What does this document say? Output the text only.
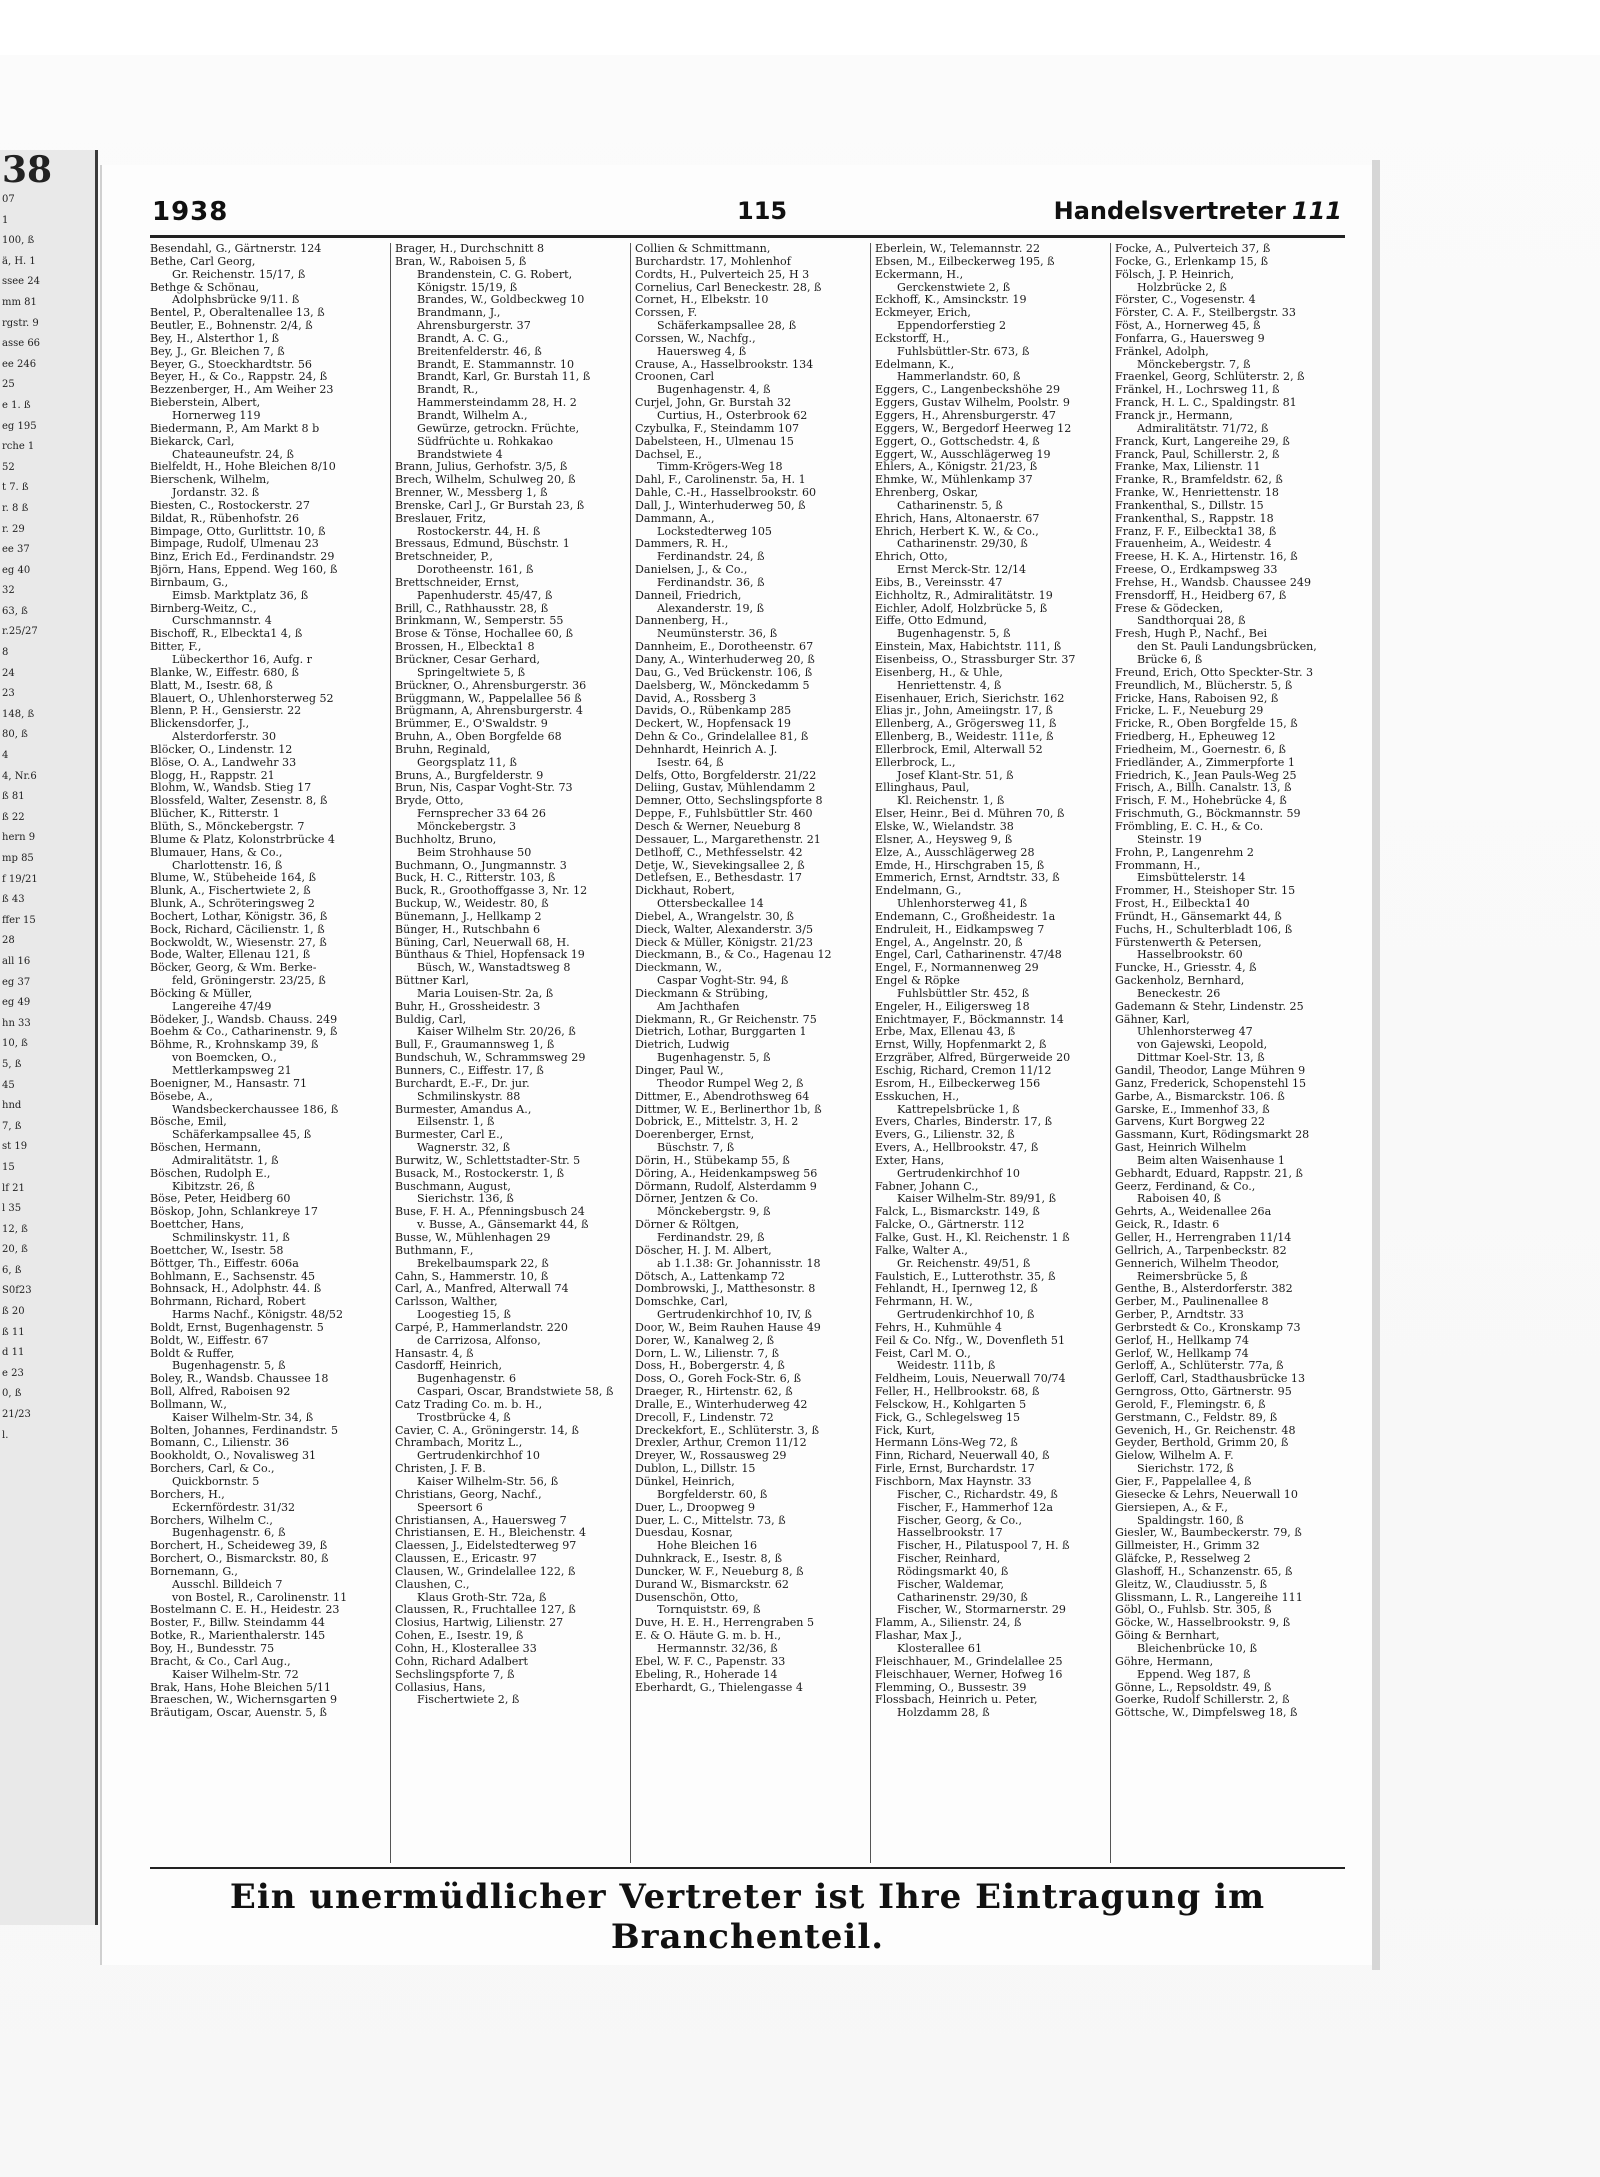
38
07
1
100, ß
ä, H. 1
ssee 24
mm 81
rgstr. 9
asse 66
ee 246
25
e 1. ß
eg 195
rche 1
52
t 7. ß
r. 8 ß
r. 29
ee 37
eg 40
32
63, ß
r.25/27
8
24
23
148, ß
80, ß
4
4, Nr.6
ß 81
ß 22
hern 9
mp 85
f 19/21
ß 43
ffer 15
28
all 16
eg 37
eg 49
hn 33
10, ß
5, ß
45
hnd
7, ß
st 19
15
lf 21
l 35
12, ß
20, ß
6, ß
S0f23
ß 20
ß 11
d 11
e 23
0, ß
21/23
l.
1938	115	Handelsvertreter 111
Besendahl, G., Gärtnerstr. 124
Bethe, Carl Georg,
Gr. Reichenstr. 15/17, ß
Bethge & Schönau,
Adolphsbrücke 9/11. ß
Bentel, P., Oberaltenallee 13, ß
Beutler, E., Bohnenstr. 2/4, ß
Bey, H., Alsterthor 1, ß
Bey, J., Gr. Bleichen 7, ß
Beyer, G., Stoeckhardtstr. 56
Beyer, H., & Co., Rappstr. 24, ß
Bezzenberger, H., Am Weiher 23
Bieberstein, Albert,
Hornerweg 119
Biedermann, P., Am Markt 8 b
Biekarck, Carl,
Chateauneufstr. 24, ß
Bielfeldt, H., Hohe Bleichen 8/10
Bierschenk, Wilhelm,
Jordanstr. 32. ß
Biesten, C., Rostockerstr. 27
Bildat, R., Rübenhofstr. 26
Bimpage, Otto, Gurlittstr. 10, ß
Bimpage, Rudolf, Ulmenau 23
Binz, Erich Ed., Ferdinandstr. 29
Björn, Hans, Eppend. Weg 160, ß
Birnbaum, G.,
Eimsb. Marktplatz 36, ß
Birnberg-Weitz, C.,
Curschmannstr. 4
Bischoff, R., Elbeckta1 4, ß
Bitter, F.,
Lübeckerthor 16, Aufg. r
Blanke, W., Eiffestr. 680, ß
Blatt, M., Isestr. 68, ß
Blauert, O., Uhlenhorsterweg 52
Blenn, P. H., Gensierstr. 22
Blickensdorfer, J.,
Alsterdorferstr. 30
Blöcker, O., Lindenstr. 12
Blöse, O. A., Landwehr 33
Blogg, H., Rappstr. 21
Blohm, W., Wandsb. Stieg 17
Blossfeld, Walter, Zesenstr. 8, ß
Blücher, K., Ritterstr. 1
Blüth, S., Mönckebergstr. 7
Blume & Platz, Kolonstrbrücke 4
Blumauer, Hans, & Co.,
Charlottenstr. 16, ß
Blume, W., Stübeheide 164, ß
Blunk, A., Fischertwiete 2, ß
Blunk, A., Schröteringsweg 2
Bochert, Lothar, Königstr. 36, ß
Bock, Richard, Cäcilienstr. 1, ß
Bockwoldt, W., Wiesenstr. 27, ß
Bode, Walter, Ellenau 121, ß
Böcker, Georg, & Wm. Berke-
feld, Gröningerstr. 23/25, ß
Böcking & Müller,
Langereihe 47/49
Bödeker, J., Wandsb. Chauss. 249
Boehm & Co., Catharinenstr. 9, ß
Böhme, R., Krohnskamp 39, ß
von Boemcken, O.,
Mettlerkampsweg 21
Boenigner, M., Hansastr. 71
Bösebe, A.,
Wandsbeckerchaussee 186, ß
Bösche, Emil,
Schäferkampsallee 45, ß
Böschen, Hermann,
Admiralitätstr. 1, ß
Böschen, Rudolph E.,
Kibitzstr. 26, ß
Böse, Peter, Heidberg 60
Böskop, John, Schlankreye 17
Boettcher, Hans,
Schmilinskystr. 11, ß
Boettcher, W., Isestr. 58
Böttger, Th., Eiffestr. 606a
Bohlmann, E., Sachsenstr. 45
Bohnsack, H., Adolphstr. 44. ß
Bohrmann, Richard, Robert
Harms Nachf., Königstr. 48/52
Boldt, Ernst, Bugenhagenstr. 5
Boldt, W., Eiffestr. 67
Boldt & Ruffer,
Bugenhagenstr. 5, ß
Boley, R., Wandsb. Chaussee 18
Boll, Alfred, Raboisen 92
Bollmann, W.,
Kaiser Wilhelm-Str. 34, ß
Bolten, Johannes, Ferdinandstr. 5
Bomann, C., Lilienstr. 36
Bookholdt, O., Novalisweg 31
Borchers, Carl, & Co.,
Quickbornstr. 5
Borchers, H.,
Eckernfördestr. 31/32
Borchers, Wilhelm C.,
Bugenhagenstr. 6, ß
Borchert, H., Scheideweg 39, ß
Borchert, O., Bismarckstr. 80, ß
Bornemann, G.,
Ausschl. Billdeich 7
von Bostel, R., Carolinenstr. 11
Bostelmann C. E. H., Heidestr. 23
Boster, F., Billw. Steindamm 44
Botke, R., Marienthalerstr. 145
Boy, H., Bundesstr. 75
Bracht, & Co., Carl Aug.,
Kaiser Wilhelm-Str. 72
Brak, Hans, Hohe Bleichen 5/11
Braeschen, W., Wichernsgarten 9
Bräutigam, Oscar, Auenstr. 5, ß
Brager, H., Durchschnitt 8
Bran, W., Raboisen 5, ß
Brandenstein, C. G. Robert,
Königstr. 15/19, ß
Brandes, W., Goldbeckweg 10
Brandmann, J.,
Ahrensburgerstr. 37
Brandt, A. C. G.,
Breitenfelderstr. 46, ß
Brandt, E. Stammannstr. 10
Brandt, Karl, Gr. Burstah 11, ß
Brandt, R.,
Hammersteindamm 28, H. 2
Brandt, Wilhelm A.,
Gewürze, getrockn. Früchte,
Südfrüchte u. Rohkakao
Brandstwiete 4
Brann, Julius, Gerhofstr. 3/5, ß
Brech, Wilhelm, Schulweg 20, ß
Brenner, W., Messberg 1, ß
Brenske, Carl J., Gr Burstah 23, ß
Breslauer, Fritz,
Rostockerstr. 44, H. ß
Bressaus, Edmund, Büschstr. 1
Bretschneider, P.,
Dorotheenstr. 161, ß
Brettschneider, Ernst,
Papenhuderstr. 45/47, ß
Brill, C., Rathhausstr. 28, ß
Brinkmann, W., Semperstr. 55
Brose & Tönse, Hochallee 60, ß
Brossen, H., Elbeckta1 8
Brückner, Cesar Gerhard,
Springeltwiete 5, ß
Brückner, O., Ahrensburgerstr. 36
Brüggmann, W., Pappelallee 56 ß
Brügmann, A, Ahrensburgerstr. 4
Brümmer, E., O'Swaldstr. 9
Bruhn, A., Oben Borgfelde 68
Bruhn, Reginald,
Georgsplatz 11, ß
Bruns, A., Burgfelderstr. 9
Brun, Nis, Caspar Voght-Str. 73
Bryde, Otto,
Fernsprecher 33 64 26
Mönckebergstr. 3
Buchholtz, Bruno,
Beim Strohhause 50
Buchmann, O., Jungmannstr. 3
Buck, H. C., Ritterstr. 103, ß
Buck, R., Groothoffgasse 3, Nr. 12
Buckup, W., Weidestr. 80, ß
Bünemann, J., Hellkamp 2
Bünger, H., Rutschbahn 6
Büning, Carl, Neuerwall 68, H.
Bünthaus & Thiel, Hopfensack 19
Büsch, W., Wanstadtsweg 8
Büttner Karl,
Maria Louisen-Str. 2a, ß
Buhr, H., Grossheidestr. 3
Buldig, Carl,
Kaiser Wilhelm Str. 20/26, ß
Bull, F., Graumannsweg 1, ß
Bundschuh, W., Schrammsweg 29
Bunners, C., Eiffestr. 17, ß
Burchardt, E.-F., Dr. jur.
Schmilinskystr. 88
Burmester, Amandus A.,
Eilsenstr. 1, ß
Burmester, Carl E.,
Wagnerstr. 32, ß
Burwitz, W., Schlettstadter-Str. 5
Busack, M., Rostockerstr. 1, ß
Buschmann, August,
Sierichstr. 136, ß
Buse, F. H. A., Pfenningsbusch 24
v. Busse, A., Gänsemarkt 44, ß
Busse, W., Mühlenhagen 29
Buthmann, F.,
Brekelbaumspark 22, ß
Cahn, S., Hammerstr. 10, ß
Carl, A., Manfred, Alterwall 74
Carlsson, Walther,
Loogestieg 15, ß
Carpé, P., Hammerlandstr. 220
de Carrizosa, Alfonso,
Hansastr. 4, ß
Casdorff, Heinrich,
Bugenhagenstr. 6
Caspari, Oscar, Brandstwiete 58, ß
Catz Trading Co. m. b. H.,
Trostbrücke 4, ß
Cavier, C. A., Gröningerstr. 14, ß
Chrambach, Moritz L.,
Gertrudenkirchhof 10
Christen, J. F. B.
Kaiser Wilhelm-Str. 56, ß
Christians, Georg, Nachf.,
Speersort 6
Christiansen, A., Hauersweg 7
Christiansen, E. H., Bleichenstr. 4
Claessen, J., Eidelstedterweg 97
Claussen, E., Ericastr. 97
Clausen, W., Grindelallee 122, ß
Claushen, C.,
Klaus Groth-Str. 72a, ß
Claussen, R., Fruchtallee 127, ß
Closius, Hartwig, Lilienstr. 27
Cohen, E., Isestr. 19, ß
Cohn, H., Klosterallee 33
Cohn, Richard Adalbert
Sechslingspforte 7, ß
Collasius, Hans,
Fischertwiete 2, ß
Collien & Schmittmann,
Burchardstr. 17, Mohlenhof
Cordts, H., Pulverteich 25, H 3
Cornelius, Carl Beneckestr. 28, ß
Cornet, H., Elbekstr. 10
Corssen, F.
Schäferkampsallee 28, ß
Corssen, W., Nachfg.,
Hauersweg 4, ß
Crause, A., Hasselbrookstr. 134
Croonen, Carl
Bugenhagenstr. 4, ß
Curjel, John, Gr. Burstah 32
Curtius, H., Osterbrook 62
Czybulka, F., Steindamm 107
Dabelsteen, H., Ulmenau 15
Dachsel, E.,
Timm-Krögers-Weg 18
Dahl, F., Carolinenstr. 5a, H. 1
Dahle, C.-H., Hasselbrookstr. 60
Dall, J., Winterhuderweg 50, ß
Dammann, A.,
Lockstedterweg 105
Dammers, R. H.,
Ferdinandstr. 24, ß
Danielsen, J., & Co.,
Ferdinandstr. 36, ß
Danneil, Friedrich,
Alexanderstr. 19, ß
Dannenberg, H.,
Neumünsterstr. 36, ß
Dannheim, E., Dorotheenstr. 67
Dany, A., Winterhuderweg 20, ß
Dau, G., Ved Brückenstr. 106, ß
Daelsberg, W., Mönckedamm 5
David, A., Rossberg 3
Davids, O., Rübenkamp 285
Deckert, W., Hopfensack 19
Dehn & Co., Grindelallee 81, ß
Dehnhardt, Heinrich A. J.
Isestr. 64, ß
Delfs, Otto, Borgfelderstr. 21/22
Deliing, Gustav, Mühlendamm 2
Demner, Otto, Sechslingspforte 8
Deppe, F., Fuhlsbüttler Str. 460
Desch & Werner, Neueburg 8
Dessauer, L., Margarethenstr. 21
Detlhoff, C., Methfesselstr. 42
Detje, W., Sievekingsallee 2, ß
Detlefsen, E., Bethesdastr. 17
Dickhaut, Robert,
Ottersbeckallee 14
Diebel, A., Wrangelstr. 30, ß
Dieck, Walter, Alexanderstr. 3/5
Dieck & Müller, Königstr. 21/23
Dieckmann, B., & Co., Hagenau 12
Dieckmann, W.,
Caspar Voght-Str. 94, ß
Dieckmann & Strübing,
Am Jachthafen
Diekmann, R., Gr Reichenstr. 75
Dietrich, Lothar, Burggarten 1
Dietrich, Ludwig
Bugenhagenstr. 5, ß
Dinger, Paul W.,
Theodor Rumpel Weg 2, ß
Dittmer, E., Abendrothsweg 64
Dittmer, W. E., Berlinerthor 1b, ß
Dobrick, E., Mittelstr. 3, H. 2
Doerenberger, Ernst,
Büschstr. 7, ß
Dörin, H., Stübekamp 55, ß
Döring, A., Heidenkampsweg 56
Dörmann, Rudolf, Alsterdamm 9
Dörner, Jentzen & Co.
Mönckebergstr. 9, ß
Dörner & Röltgen,
Ferdinandstr. 29, ß
Döscher, H. J. M. Albert,
ab 1.1.38: Gr. Johannisstr. 18
Dötsch, A., Lattenkamp 72
Dombrowski, J., Matthesonstr. 8
Domschke, Carl,
Gertrudenkirchhof 10, IV, ß
Door, W., Beim Rauhen Hause 49
Dorer, W., Kanalweg 2, ß
Dorn, L. W., Lilienstr. 7, ß
Doss, H., Bobergerstr. 4, ß
Doss, O., Goreh Fock-Str. 6, ß
Draeger, R., Hirtenstr. 62, ß
Dralle, E., Winterhuderweg 42
Drecoll, F., Lindenstr. 72
Dreckekfort, E., Schlüterstr. 3, ß
Drexler, Arthur, Cremon 11/12
Dreyer, W., Rossausweg 29
Dublon, L., Dillstr. 15
Dünkel, Heinrich,
Borgfelderstr. 60, ß
Duer, L., Droopweg 9
Duer, L. C., Mittelstr. 73, ß
Duesdau, Kosnar,
Hohe Bleichen 16
Duhnkrack, E., Isestr. 8, ß
Duncker, W. F., Neueburg 8, ß
Durand W., Bismarckstr. 62
Dusenschön, Otto,
Tornquiststr. 69, ß
Duve, H. E. H., Herrengraben 5
E. & O. Häute G. m. b. H.,
Hermannstr. 32/36, ß
Ebel, W. F. C., Papenstr. 33
Ebeling, R., Hoherade 14
Eberhardt, G., Thielengasse 4
Eberlein, W., Telemannstr. 22
Ebsen, M., Eilbeckerweg 195, ß
Eckermann, H.,
Gerckenstwiete 2, ß
Eckhoff, K., Amsinckstr. 19
Eckmeyer, Erich,
Eppendorferstieg 2
Eckstorff, H.,
Fuhlsbüttler-Str. 673, ß
Edelmann, K.,
Hammerlandstr. 60, ß
Eggers, C., Langenbeckshöhe 29
Eggers, Gustav Wilhelm, Poolstr. 9
Eggers, H., Ahrensburgerstr. 47
Eggers, W., Bergedorf Heerweg 12
Eggert, O., Gottschedstr. 4, ß
Eggert, W., Ausschlägerweg 19
Ehlers, A., Königstr. 21/23, ß
Ehmke, W., Mühlenkamp 37
Ehrenberg, Oskar,
Catharinenstr. 5, ß
Ehrich, Hans, Altonaerstr. 67
Ehrich, Herbert K. W., & Co.,
Catharinenstr. 29/30, ß
Ehrich, Otto,
Ernst Merck-Str. 12/14
Eibs, B., Vereinsstr. 47
Eichholtz, R., Admiralitätstr. 19
Eichler, Adolf, Holzbrücke 5, ß
Eiffe, Otto Edmund,
Bugenhagenstr. 5, ß
Einstein, Max, Habichtstr. 111, ß
Eisenbeiss, O., Strassburger Str. 37
Eisenberg, H., & Uhle,
Henriettenstr. 4, ß
Eisenhauer, Erich, Sierichstr. 162
Elias jr., John, Ameiingstr. 17, ß
Ellenberg, A., Grögersweg 11, ß
Ellenberg, B., Weidestr. 111e, ß
Ellerbrock, Emil, Alterwall 52
Ellerbrock, L.,
Josef Klant-Str. 51, ß
Ellinghaus, Paul,
Kl. Reichenstr. 1, ß
Elser, Heinr., Bei d. Mühren 70, ß
Elske, W., Wielandstr. 38
Elsner, A., Heysweg 9, ß
Elze, A., Ausschlägerweg 28
Emde, H., Hirschgraben 15, ß
Emmerich, Ernst, Arndtstr. 33, ß
Endelmann, G.,
Uhlenhorsterweg 41, ß
Endemann, C., Großheidestr. 1a
Endruleit, H., Eidkampsweg 7
Engel, A., Angelnstr. 20, ß
Engel, Carl, Catharinenstr. 47/48
Engel, F., Normannenweg 29
Engel & Röpke
Fuhlsbüttler Str. 452, ß
Engeler, H., Eiligersweg 18
Enichtmayer, F., Böckmannstr. 14
Erbe, Max, Ellenau 43, ß
Ernst, Willy, Hopfenmarkt 2, ß
Erzgräber, Alfred, Bürgerweide 20
Eschig, Richard, Cremon 11/12
Esrom, H., Eilbeckerweg 156
Esskuchen, H.,
Kattrepelsbrücke 1, ß
Evers, Charles, Binderstr. 17, ß
Evers, G., Lilienstr. 32, ß
Evers, A., Hellbrookstr. 47, ß
Exter, Hans,
Gertrudenkirchhof 10
Fabner, Johann C.,
Kaiser Wilhelm-Str. 89/91, ß
Falck, L., Bismarckstr. 149, ß
Falcke, O., Gärtnerstr. 112
Falke, Gust. H., Kl. Reichenstr. 1 ß
Falke, Walter A.,
Gr. Reichenstr. 49/51, ß
Faulstich, E., Lutterothstr. 35, ß
Fehlandt, H., Ipernweg 12, ß
Fehrmann, H. W.,
Gertrudenkirchhof 10, ß
Fehrs, H., Kuhmühle 4
Feil & Co. Nfg., W., Dovenfleth 51
Feist, Carl M. O.,
Weidestr. 111b, ß
Feldheim, Louis, Neuerwall 70/74
Feller, H., Hellbrookstr. 68, ß
Felsckow, H., Kohlgarten 5
Fick, G., Schlegelsweg 15
Fick, Kurt,
Hermann Löns-Weg 72, ß
Finn, Richard, Neuerwall 40, ß
Firle, Ernst, Burchardstr. 17
Fischborn, Max Haynstr. 33
Fischer, C., Richardstr. 49, ß
Fischer, F., Hammerhof 12a
Fischer, Georg, & Co.,
Hasselbrookstr. 17
Fischer, H., Pilatuspool 7, H. ß
Fischer, Reinhard,
Rödingsmarkt 40, ß
Fischer, Waldemar,
Catharinenstr. 29/30, ß
Fischer, W., Stormarnerstr. 29
Flamm, A., Silienstr. 24, ß
Flashar, Max J.,
Klosterallee 61
Fleischhauer, M., Grindelallee 25
Fleischhauer, Werner, Hofweg 16
Flemming, O., Bussestr. 39
Flossbach, Heinrich u. Peter,
Holzdamm 28, ß
Focke, A., Pulverteich 37, ß
Focke, G., Erlenkamp 15, ß
Fölsch, J. P. Heinrich,
Holzbrücke 2, ß
Förster, C., Vogesenstr. 4
Förster, C. A. F., Steilbergstr. 33
Föst, A., Hornerweg 45, ß
Fonfarra, G., Hauersweg 9
Fränkel, Adolph,
Mönckebergstr. 7, ß
Fraenkel, Georg, Schlüterstr. 2, ß
Fränkel, H., Lochrsweg 11, ß
Franck, H. L. C., Spaldingstr. 81
Franck jr., Hermann,
Admiralitätstr. 71/72, ß
Franck, Kurt, Langereihe 29, ß
Franck, Paul, Schillerstr. 2, ß
Franke, Max, Lilienstr. 11
Franke, R., Bramfeldstr. 62, ß
Franke, W., Henriettenstr. 18
Frankenthal, S., Dillstr. 15
Frankenthal, S., Rappstr. 18
Franz, F. F., Eilbeckta1 38, ß
Frauenheim, A., Weidestr. 4
Freese, H. K. A., Hirtenstr. 16, ß
Freese, O., Erdkampsweg 33
Frehse, H., Wandsb. Chaussee 249
Frensdorff, H., Heidberg 67, ß
Frese & Gödecken,
Sandthorquai 28, ß
Fresh, Hugh P., Nachf., Bei
den St. Pauli Landungsbrücken,
Brücke 6, ß
Freund, Erich, Otto Speckter-Str. 3
Freundlich, M., Blücherstr. 5, ß
Fricke, Hans, Raboisen 92, ß
Fricke, L. F., Neueburg 29
Fricke, R., Oben Borgfelde 15, ß
Friedberg, H., Epheuweg 12
Friedheim, M., Goernestr. 6, ß
Friedländer, A., Zimmerpforte 1
Friedrich, K., Jean Pauls-Weg 25
Frisch, A., Billh. Canalstr. 13, ß
Frisch, F. M., Hohebrücke 4, ß
Frischmuth, G., Böckmannstr. 59
Frömbling, E. C. H., & Co.
Steinstr. 19
Frohn, P., Langenrehm 2
Frommann, H.,
Eimsbüttelerstr. 14
Frommer, H., Steishoper Str. 15
Frost, H., Eilbeckta1 40
Fründt, H., Gänsemarkt 44, ß
Fuchs, H., Schulterbladt 106, ß
Fürstenwerth & Petersen,
Hasselbrookstr. 60
Funcke, H., Griesstr. 4, ß
Gackenholz, Bernhard,
Beneckestr. 26
Gademann & Stehr, Lindenstr. 25
Gähner, Karl,
Uhlenhorsterweg 47
von Gajewski, Leopold,
Dittmar Koel-Str. 13, ß
Gandil, Theodor, Lange Mühren 9
Ganz, Frederick, Schopenstehl 15
Garbe, A., Bismarckstr. 106. ß
Garske, E., Immenhof 33, ß
Garvens, Kurt Borgweg 22
Gassmann, Kurt, Rödingsmarkt 28
Gast, Heinrich Wilhelm
Beim alten Waisenhause 1
Gebhardt, Eduard, Rappstr. 21, ß
Geerz, Ferdinand, & Co.,
Raboisen 40, ß
Gehrts, A., Weidenallee 26a
Geick, R., Idastr. 6
Geller, H., Herrengraben 11/14
Gellrich, A., Tarpenbeckstr. 82
Gennerich, Wilhelm Theodor,
Reimersbrücke 5, ß
Genthe, B., Alsterdorferstr. 382
Gerber, M., Paulinenallee 8
Gerber, P., Arndtstr. 33
Gerbrstedt & Co., Kronskamp 73
Gerlof, H., Hellkamp 74
Gerlof, W., Hellkamp 74
Gerloff, A., Schlüterstr. 77a, ß
Gerloff, Carl, Stadthausbrücke 13
Gerngross, Otto, Gärtnerstr. 95
Gerold, F., Flemingstr. 6, ß
Gerstmann, C., Feldstr. 89, ß
Gevenich, H., Gr. Reichenstr. 48
Geyder, Berthold, Grimm 20, ß
Gielow, Wilhelm A. F.
Sierichstr. 172, ß
Gier, F., Pappelallee 4, ß
Giesecke & Lehrs, Neuerwall 10
Giersiepen, A., & F.,
Spaldingstr. 160, ß
Giesler, W., Baumbeckerstr. 79, ß
Gillmeister, H., Grimm 32
Gläfcke, P., Resselweg 2
Glashoff, H., Schanzenstr. 65, ß
Gleitz, W., Claudiusstr. 5, ß
Glissmann, L. R., Langereihe 111
Göbl, O., Fuhlsb. Str. 305, ß
Göcke, W., Hasselbrookstr. 9, ß
Göing & Bernhart,
Bleichenbrücke 10, ß
Göhre, Hermann,
Eppend. Weg 187, ß
Gönne, L., Repsoldstr. 49, ß
Goerke, Rudolf Schillerstr. 2, ß
Göttsche, W., Dimpfelsweg 18, ß
Ein unermüdlicher Vertreter ist Ihre Eintragung im Branchenteil.
